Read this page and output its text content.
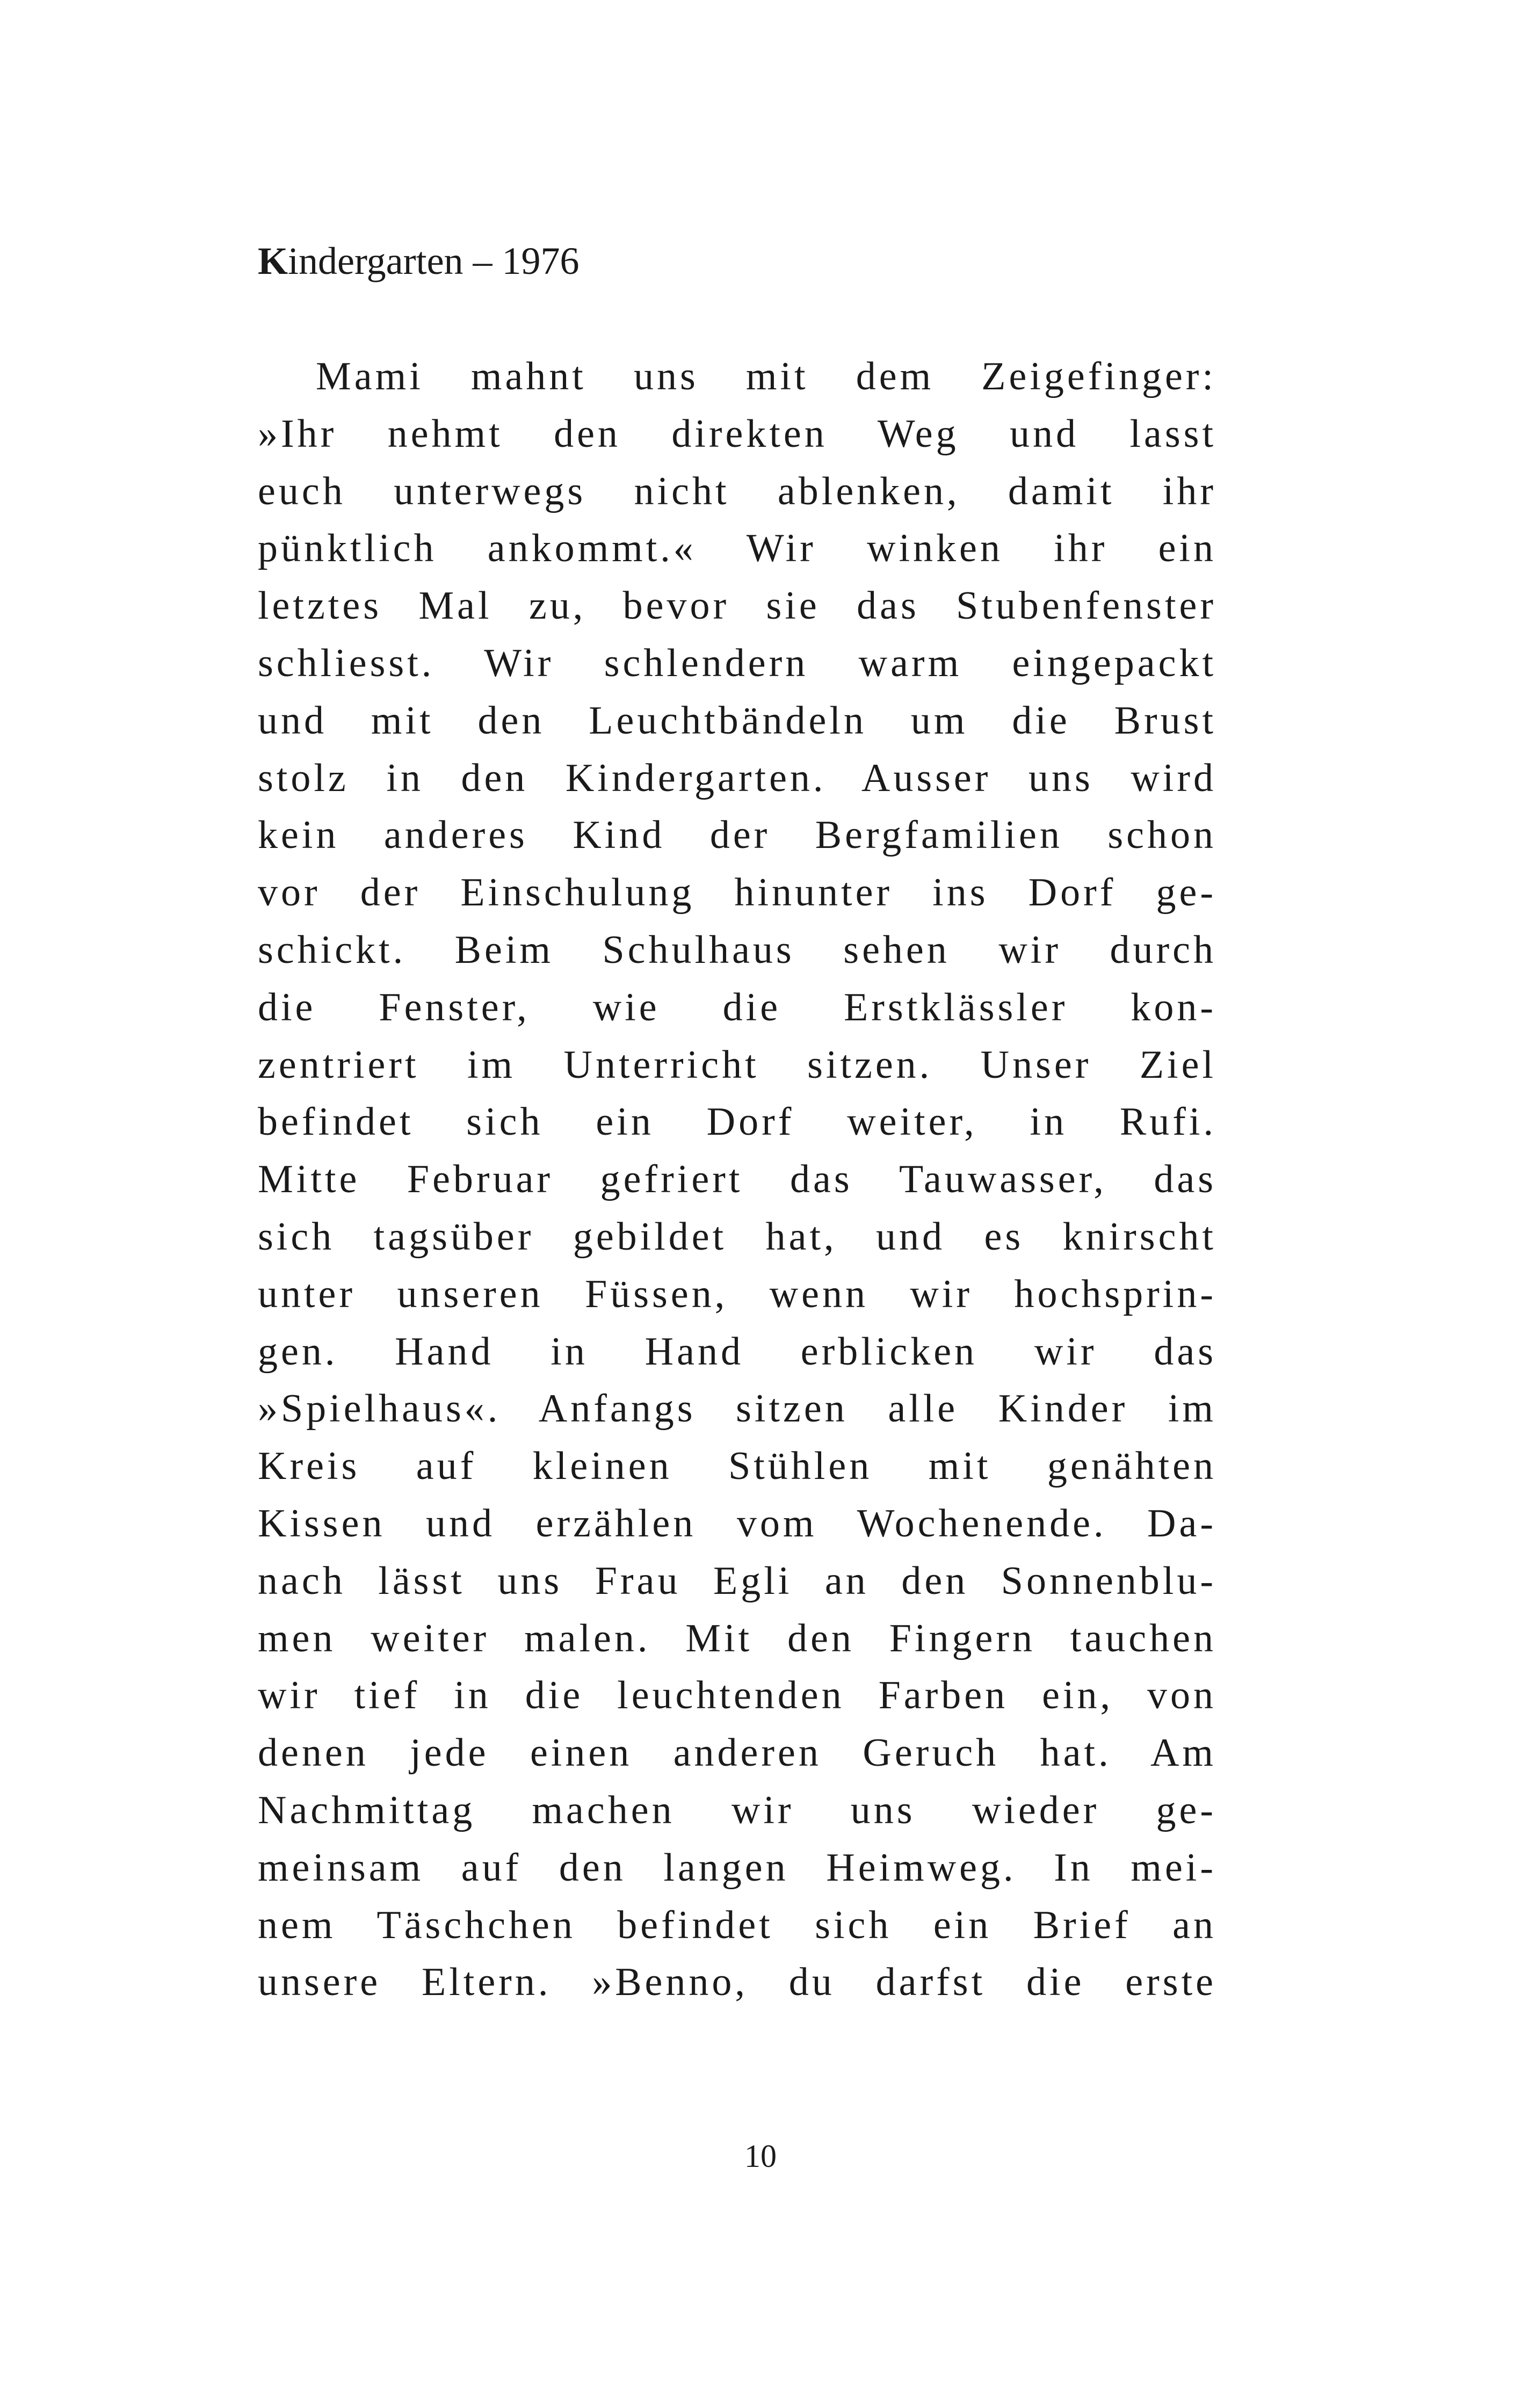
Kindergarten – 1976
Mami mahnt uns mit dem Zeigefinger:
»Ihr nehmt den direkten Weg und lasst
euch unterwegs nicht ablenken, damit ihr
pünktlich ankommt.« Wir winken ihr ein
letztes Mal zu, bevor sie das Stubenfenster
schliesst. Wir schlendern warm eingepackt
und mit den Leuchtbändeln um die Brust
stolz in den Kindergarten. Ausser uns wird
kein anderes Kind der Bergfamilien schon
vor der Einschulung hinunter ins Dorf ge-
schickt. Beim Schulhaus sehen wir durch
die Fenster, wie die Erstklässler kon-
zentriert im Unterricht sitzen. Unser Ziel
befindet sich ein Dorf weiter, in Rufi.
Mitte Februar gefriert das Tauwasser, das
sich tagsüber gebildet hat, und es knirscht
unter unseren Füssen, wenn wir hochsprin-
gen. Hand in Hand erblicken wir das
»Spielhaus«. Anfangs sitzen alle Kinder im
Kreis auf kleinen Stühlen mit genähten
Kissen und erzählen vom Wochenende. Da-
nach lässt uns Frau Egli an den Sonnenblu-
men weiter malen. Mit den Fingern tauchen
wir tief in die leuchtenden Farben ein, von
denen jede einen anderen Geruch hat. Am
Nachmittag machen wir uns wieder ge-
meinsam auf den langen Heimweg. In mei-
nem Täschchen befindet sich ein Brief an
unsere Eltern. »Benno, du darfst die erste
10
